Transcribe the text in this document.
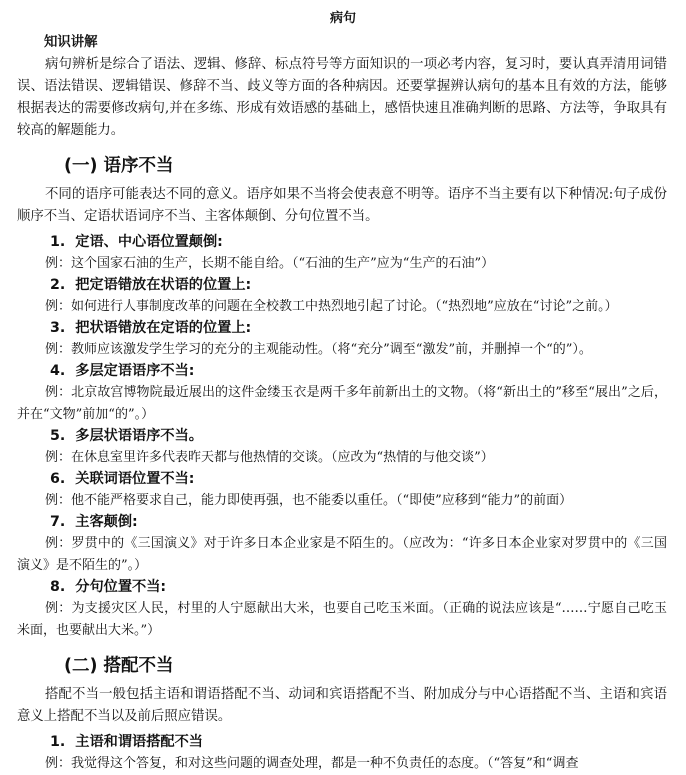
病句
知识讲解
病句辨析是综合了语法、逻辑、修辞、标点符号等方面知识的一项必考内容，复习时，要认真弄清用词错误、语法错误、逻辑错误、修辞不当、歧义等方面的各种病因。还要掌握辨认病句的基本且有效的方法，能够根据表达的需要修改病句,并在多练、形成有效语感的基础上，感悟快速且准确判断的思路、方法等，争取具有较高的解题能力。
(一) 语序不当
不同的语序可能表达不同的意义。语序如果不当将会使表意不明等。语序不当主要有以下种情况:句子成份顺序不当、定语状语词序不当、主客体颠倒、分句位置不当。
1. 定语、中心语位置颠倒:
例：这个国家石油的生产，长期不能自给。（“石油的生产”应为“生产的石油”）
2. 把定语错放在状语的位置上:
例：如何进行人事制度改革的问题在全校教工中热烈地引起了讨论。（“热烈地”应放在“讨论”之前。）
3. 把状语错放在定语的位置上:
例：教师应该激发学生学习的充分的主观能动性。（将“充分”调至“激发”前，并删掉一个“的”）。
4. 多层定语语序不当:
例：北京故宫博物院最近展出的这件金缕玉衣是两千多年前新出土的文物。（将“新出土的”移至“展出”之后，并在“文物”前加“的”。）
5. 多层状语语序不当。
例：在休息室里许多代表昨天都与他热情的交谈。（应改为“热情的与他交谈”）
6. 关联词语位置不当:
例：他不能严格要求自己，能力即使再强，也不能委以重任。（“即使”应移到“能力”的前面）
7. 主客颠倒:
例：罗贯中的《三国演义》对于许多日本企业家是不陌生的。（应改为：“许多日本企业家对罗贯中的《三国演义》是不陌生的”。）
8. 分句位置不当:
例：为支援灾区人民，村里的人宁愿献出大米，也要自己吃玉米面。（正确的说法应该是“……宁愿自己吃玉米面，也要献出大米。”）
(二) 搭配不当
搭配不当一般包括主语和谓语搭配不当、动词和宾语搭配不当、附加成分与中心语搭配不当、主语和宾语意义上搭配不当以及前后照应错误。
1. 主语和谓语搭配不当
例：我觉得这个答复，和对这些问题的调查处理，都是一种不负责任的态度。（“答复”和“调查
